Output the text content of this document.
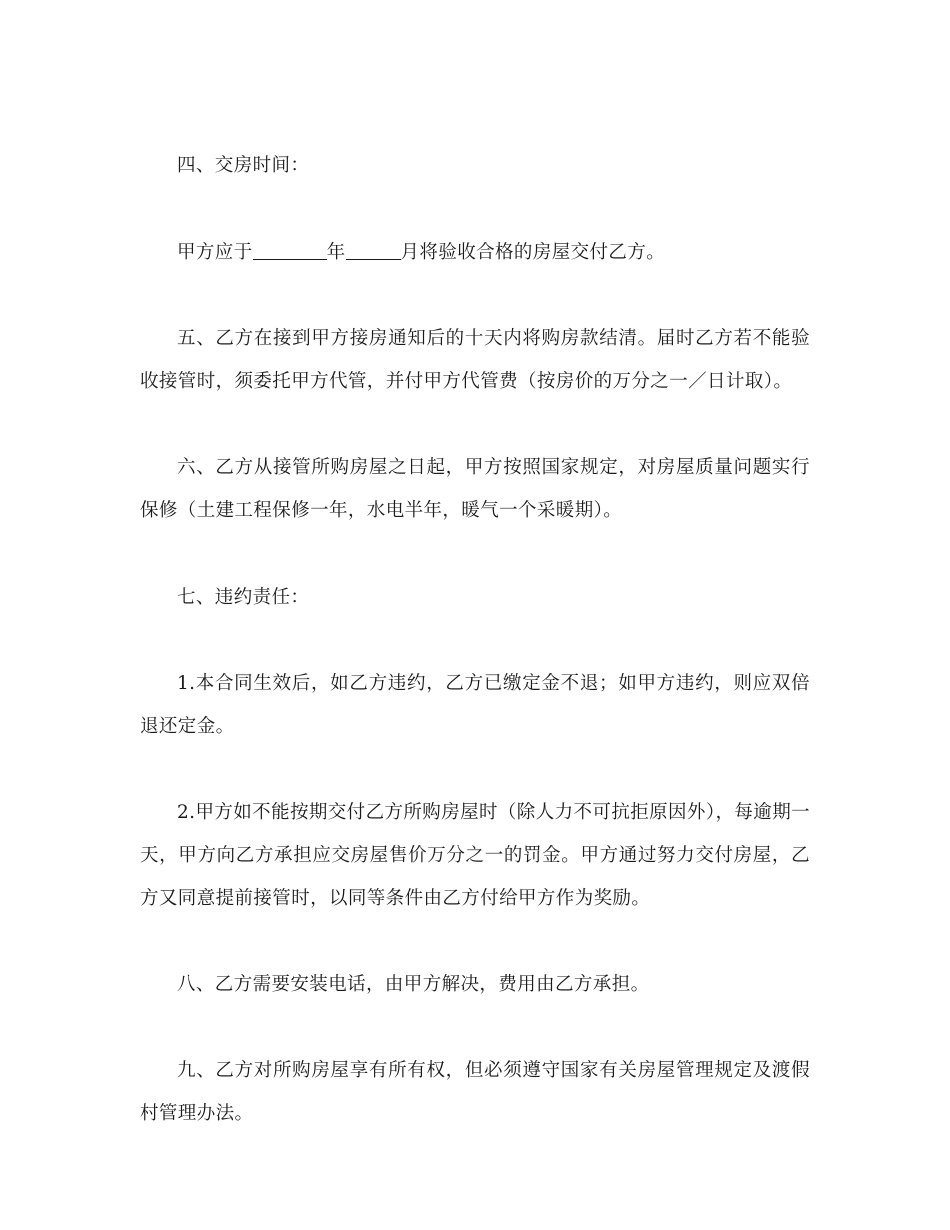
四、交房时间：

甲方应于	年	月将验收合格的房屋交付乙方。

五、乙方在接到甲方接房通知后的十天内将购房款结清。届时乙方若不能验收接管时，须委托甲方代管，并付甲方代管费（按房价的万分之一／日计取）。

六、乙方从接管所购房屋之日起，甲方按照国家规定，对房屋质量问题实行保修（土建工程保修一年，水电半年，暖气一个采暖期）。

七、违约责任：

1.本合同生效后，如乙方违约，乙方已缴定金不退；如甲方违约，则应双倍退还定金。

2.甲方如不能按期交付乙方所购房屋时（除人力不可抗拒原因外），每逾期一天，甲方向乙方承担应交房屋售价万分之一的罚金。甲方通过努力交付房屋，乙方又同意提前接管时，以同等条件由乙方付给甲方作为奖励。

八、乙方需要安装电话，由甲方解决，费用由乙方承担。

九、乙方对所购房屋享有所有权，但必须遵守国家有关房屋管理规定及渡假村管理办法。
